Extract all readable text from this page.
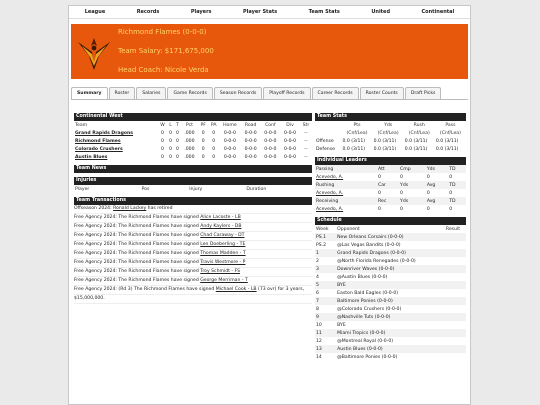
League	Records	Players	Player Stats	Team Stats	United	Continental
Richmond Flames (0-0-0)
Team Salary: $171,675,000
Head Coach: Nicole Verda
Summary	Roster	Salaries	Game Records	Season Records	Playoff Records	Career Records	Roster Counts	Draft Picks
Continental West
Team	W	L	T	Pct	PF	PA	Home	Road	Conf	Div	Str
Grand Rapids Dragons	0	0	0	.000	0	0	0-0-0	0-0-0	0-0-0	0-0-0	--
Richmond Flames	0	0	0	.000	0	0	0-0-0	0-0-0	0-0-0	0-0-0	--
Colorado Crushers	0	0	0	.000	0	0	0-0-0	0-0-0	0-0-0	0-0-0	--
Austin Blues	0	0	0	.000	0	0	0-0-0	0-0-0	0-0-0	0-0-0	--
Team News
Injuries
Player	Pos	Injury	Duration
Team Transactions
Offseason 2024: Ronald Lackey has retired
Free Agency 2024: The Richmond Flames have signed Alice Lacoste - LB
Free Agency 2024: The Richmond Flames have signed Andy Kaylers - DB
Free Agency 2024: The Richmond Flames have signed Chad Caraway - DT
Free Agency 2024: The Richmond Flames have signed Len Doeberling - TE
Free Agency 2024: The Richmond Flames have signed Thomas Madden - T
Free Agency 2024: The Richmond Flames have signed Travis Westmore - P
Free Agency 2024: The Richmond Flames have signed Troy Schmidt - FS
Free Agency 2024: The Richmond Flames have signed George Merriman - T
Free Agency 2024: (Rd 3) The Richmond Flames have signed Michael Cook - LB (73 ovr) for 3 years,
$15,000,000.
Team Stats
	Pts	Yds	Rush	Pass
	(Cnf/Lea)	(Cnf/Lea)	(Cnf/Lea)	(Cnf/Lea)
Offense	0.0 (3/11)	0.0 (3/11)	0.0 (3/11)	0.0 (3/11)
Defense	0.0 (3/11)	0.0 (3/11)	0.0 (3/11)	0.0 (3/11)
Individual Leaders
Passing	Att	Cmp	Yds	TD
Acevedo, A.	0	0	0	0
Rushing	Car	Yds	Avg	TD
Acevedo, A.	0	0	0	0
Receiving	Rec	Yds	Avg	TD
Acevedo, A.	0	0	0	0
Schedule
Week	Opponent	Result
PS.1	New Orleans Corsairs (0-0-0)	
PS.2	@Las Vegas Bandits (0-0-0)	
1	Grand Rapids Dragons (0-0-0)	
2	@North Florida Renegades (0-0-0)	
3	Downriver Waves (0-0-0)	
4	@Austin Blues (0-0-0)	
5	BYE	
6	Easton Bald Eagles (0-0-0)	
7	Baltimore Ponies (0-0-0)	
8	@Colorado Crushers (0-0-0)	
9	@Nashville Tuts (0-0-0)	
10	BYE	
11	Miami Tropics (0-0-0)	
12	@Montreal Royal (0-0-0)	
13	Austin Blues (0-0-0)	
14	@Baltimore Ponies (0-0-0)	
